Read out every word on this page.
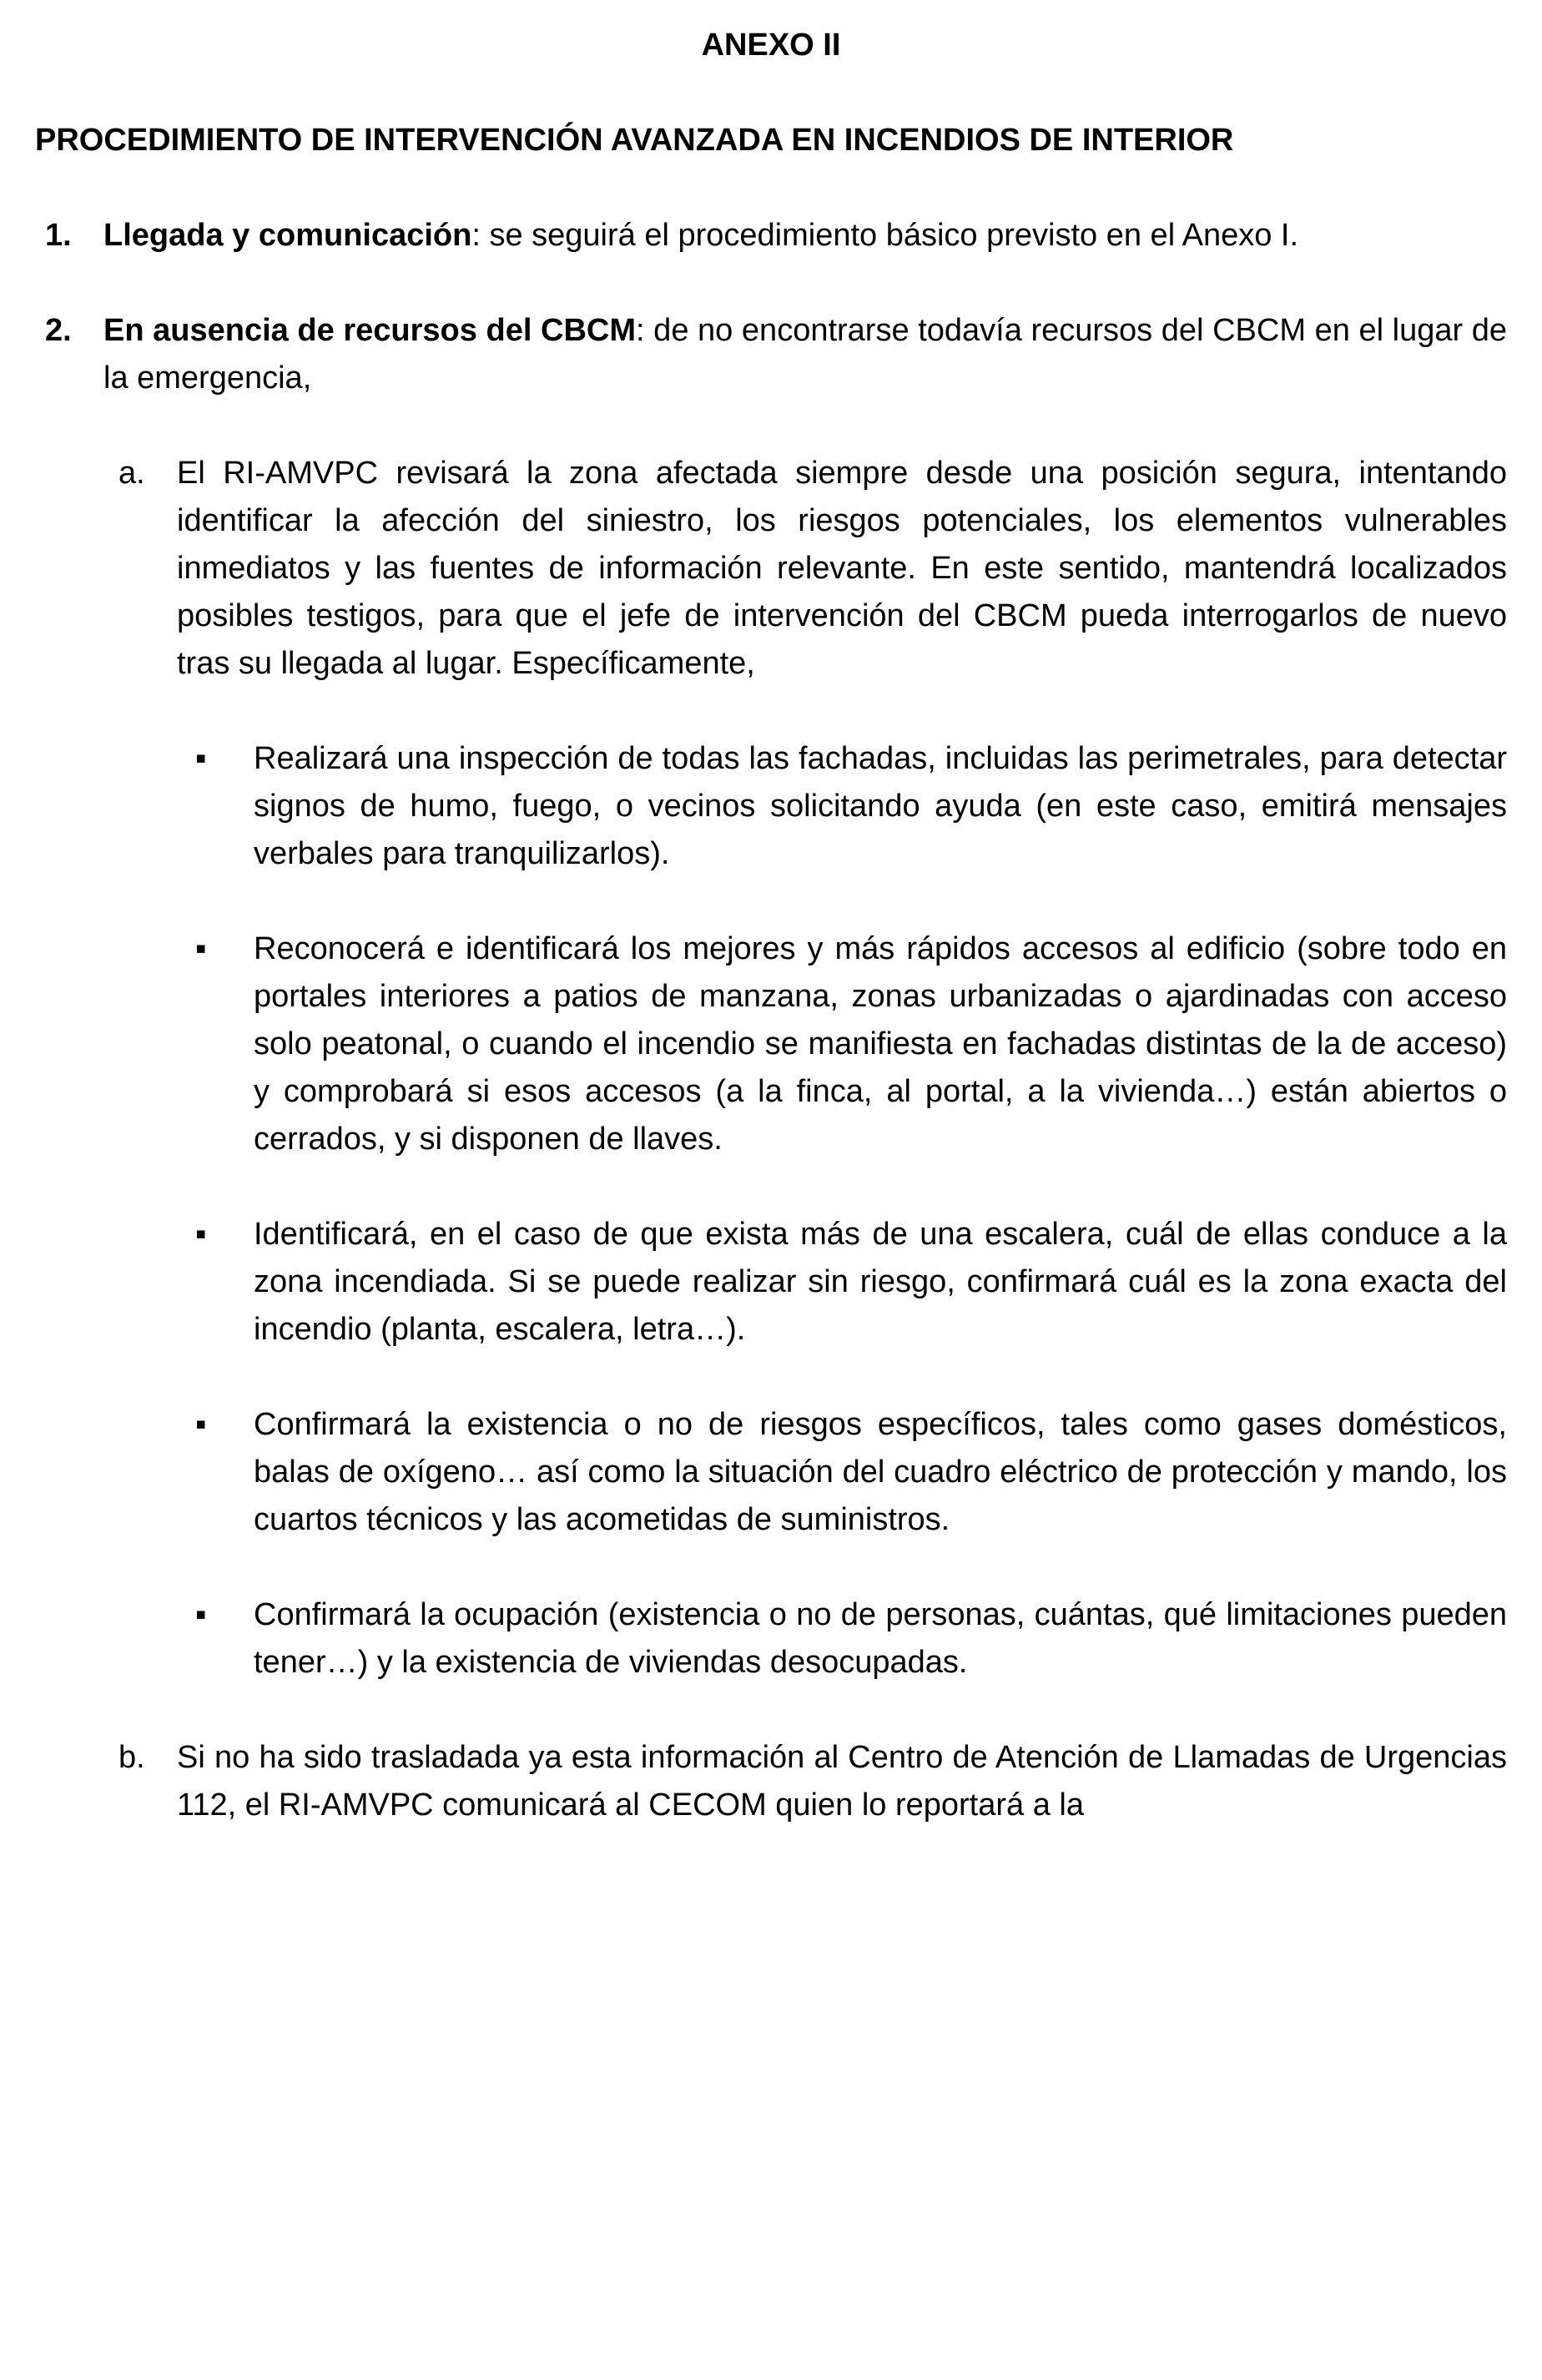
ANEXO II

PROCEDIMIENTO DE INTERVENCIÓN AVANZADA EN INCENDIOS DE INTERIOR

1. Llegada y comunicación: se seguirá el procedimiento básico previsto en el Anexo I.

2. En ausencia de recursos del CBCM: de no encontrarse todavía recursos del CBCM en el lugar de la emergencia,

a. El RI-AMVPC revisará la zona afectada siempre desde una posición segura, intentando identificar la afección del siniestro, los riesgos potenciales, los elementos vulnerables inmediatos y las fuentes de información relevante. En este sentido, mantendrá localizados posibles testigos, para que el jefe de intervención del CBCM pueda interrogarlos de nuevo tras su llegada al lugar. Específicamente,

▪ Realizará una inspección de todas las fachadas, incluidas las perimetrales, para detectar signos de humo, fuego, o vecinos solicitando ayuda (en este caso, emitirá mensajes verbales para tranquilizarlos).

▪ Reconocerá e identificará los mejores y más rápidos accesos al edificio (sobre todo en portales interiores a patios de manzana, zonas urbanizadas o ajardinadas con acceso solo peatonal, o cuando el incendio se manifiesta en fachadas distintas de la de acceso) y comprobará si esos accesos (a la finca, al portal, a la vivienda…) están abiertos o cerrados, y si disponen de llaves.

▪ Identificará, en el caso de que exista más de una escalera, cuál de ellas conduce a la zona incendiada. Si se puede realizar sin riesgo, confirmará cuál es la zona exacta del incendio (planta, escalera, letra…).

▪ Confirmará la existencia o no de riesgos específicos, tales como gases domésticos, balas de oxígeno… así como la situación del cuadro eléctrico de protección y mando, los cuartos técnicos y las acometidas de suministros.

▪ Confirmará la ocupación (existencia o no de personas, cuántas, qué limitaciones pueden tener…) y la existencia de viviendas desocupadas.

b. Si no ha sido trasladada ya esta información al Centro de Atención de Llamadas de Urgencias 112, el RI-AMVPC comunicará al CECOM quien lo reportará a la
